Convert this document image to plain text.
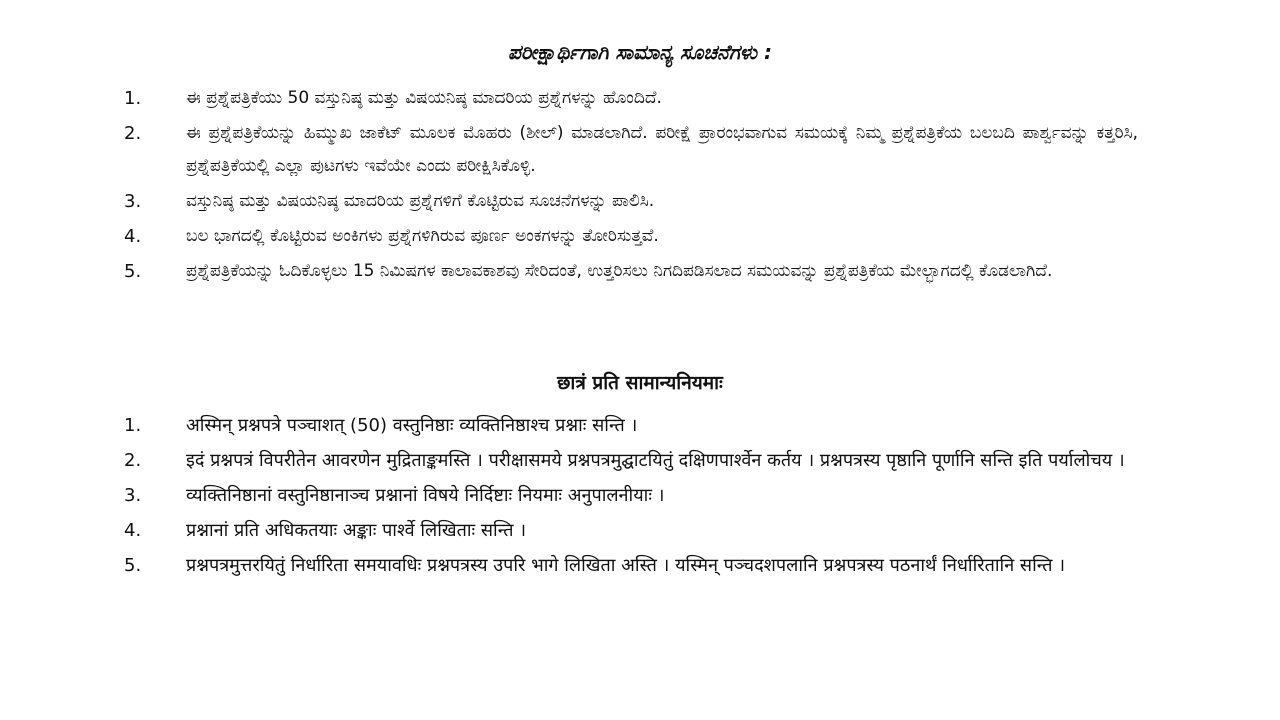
ಪರೀಕ್ಷಾರ್ಥಿಗಾಗಿ ಸಾಮಾನ್ಯ ಸೂಚನೆಗಳು :
1.	ಈ ಪ್ರಶ್ನೆಪತ್ರಿಕೆಯು 50 ವಸ್ತುನಿಷ್ಠ ಮತ್ತು ವಿಷಯನಿಷ್ಠ ಮಾದರಿಯ ಪ್ರಶ್ನೆಗಳನ್ನು ಹೊಂದಿದೆ.
2.	ಈ ಪ್ರಶ್ನೆಪತ್ರಿಕೆಯನ್ನು ಹಿಮ್ಮುಖ ಜಾಕೆಟ್ ಮೂಲಕ ಮೊಹರು (ಶೀಲ್) ಮಾಡಲಾಗಿದೆ. ಪರೀಕ್ಷೆ ಪ್ರಾರಂಭವಾಗುವ ಸಮಯಕ್ಕೆ ನಿಮ್ಮ ಪ್ರಶ್ನೆಪತ್ರಿಕೆಯ ಬಲಬದಿ ಪಾರ್ಶ್ವವನ್ನು ಕತ್ತರಿಸಿ, ಪ್ರಶ್ನೆಪತ್ರಿಕೆಯಲ್ಲಿ ಎಲ್ಲಾ ಪುಟಗಳು ಇವೆಯೇ ಎಂದು ಪರೀಕ್ಷಿಸಿಕೊಳ್ಳಿ.
3.	ವಸ್ತುನಿಷ್ಠ ಮತ್ತು ವಿಷಯನಿಷ್ಠ ಮಾದರಿಯ ಪ್ರಶ್ನೆಗಳಿಗೆ ಕೊಟ್ಟಿರುವ ಸೂಚನೆಗಳನ್ನು ಪಾಲಿಸಿ.
4.	ಬಲ ಭಾಗದಲ್ಲಿ ಕೊಟ್ಟಿರುವ ಅಂಕಿಗಳು ಪ್ರಶ್ನೆಗಳಿಗಿರುವ ಪೂರ್ಣ ಅಂಕಗಳನ್ನು ತೋರಿಸುತ್ತವೆ.
5.	ಪ್ರಶ್ನೆಪತ್ರಿಕೆಯನ್ನು ಓದಿಕೊಳ್ಳಲು 15 ನಿಮಿಷಗಳ ಕಾಲಾವಕಾಶವು ಸೇರಿದಂತೆ, ಉತ್ತರಿಸಲು ನಿಗದಿಪಡಿಸಲಾದ ಸಮಯವನ್ನು ಪ್ರಶ್ನೆಪತ್ರಿಕೆಯ ಮೇಲ್ಭಾಗದಲ್ಲಿ ಕೊಡಲಾಗಿದೆ.
छात्रं प्रति सामान्यनियमाः
1.	अस्मिन् प्रश्नपत्रे पञ्चाशत् (50) वस्तुनिष्ठाः व्यक्तिनिष्ठाश्च प्रश्नाः सन्ति ।
2.	इदं प्रश्नपत्रं विपरीतेन आवरणेन मुद्रिताङ्कमस्ति । परीक्षासमये प्रश्नपत्रमुद्घाटयितुं दक्षिणपार्श्वेन कर्तय । प्रश्नपत्रस्य पृष्ठानि पूर्णानि सन्ति इति पर्यालोचय ।
3.	व्यक्तिनिष्ठानां वस्तुनिष्ठानाञ्च प्रश्नानां विषये निर्दिष्टाः नियमाः अनुपालनीयाः ।
4.	प्रश्नानां प्रति अधिकतयाः अङ्काः पार्श्वे लिखिताः सन्ति ।
5.	प्रश्नपत्रमुत्तरयितुं निर्धारिता समयावधिः प्रश्नपत्रस्य उपरि भागे लिखिता अस्ति । यस्मिन् पञ्चदशपलानि प्रश्नपत्रस्य पठनार्थं निर्धारितानि सन्ति ।
